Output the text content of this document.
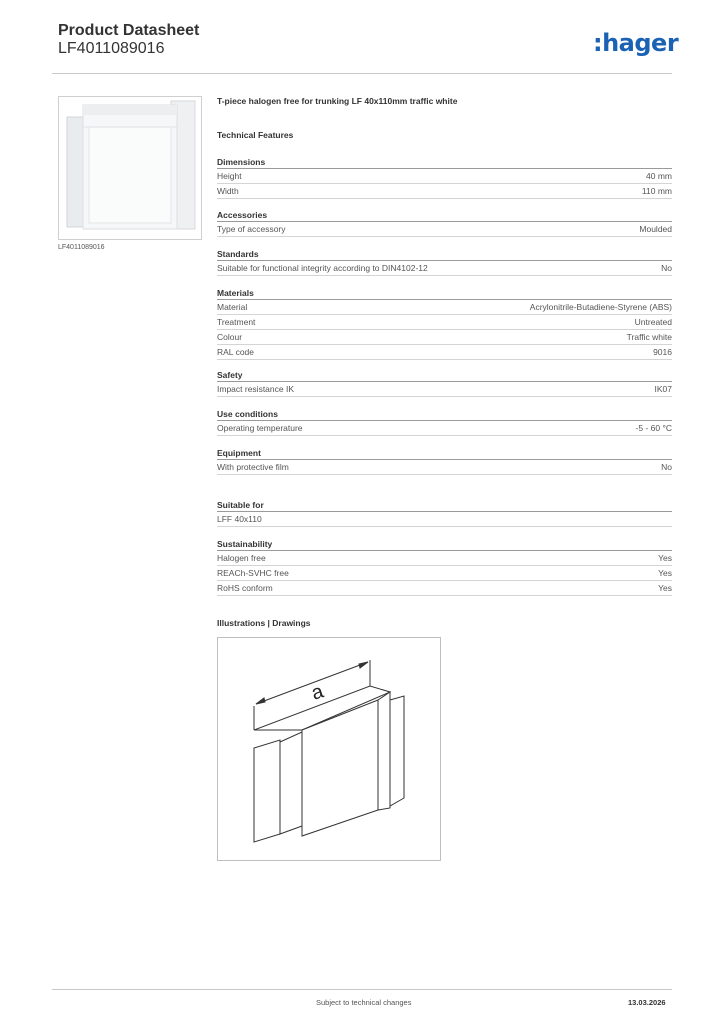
Product Datasheet
LF4011089016	:hager
LF4011089016
T-piece halogen free for trunking LF 40x110mm traffic white
Technical Features
Dimensions
Height	40 mm
Width	110 mm
Accessories
Type of accessory	Moulded
Standards
Suitable for functional integrity according to DIN4102-12	No
Materials
Material	Acrylonitrile-Butadiene-Styrene (ABS)
Treatment	Untreated
Colour	Traffic white
RAL code	9016
Safety
Impact resistance IK	IK07
Use conditions
Operating temperature	-5 - 60 °C
Equipment
With protective film	No
Suitable for
LFF 40x110
Sustainability
Halogen free	Yes
REACh-SVHC free	Yes
RoHS conform	Yes
Illustrations | Drawings
a
Subject to technical changes	13.03.2026
